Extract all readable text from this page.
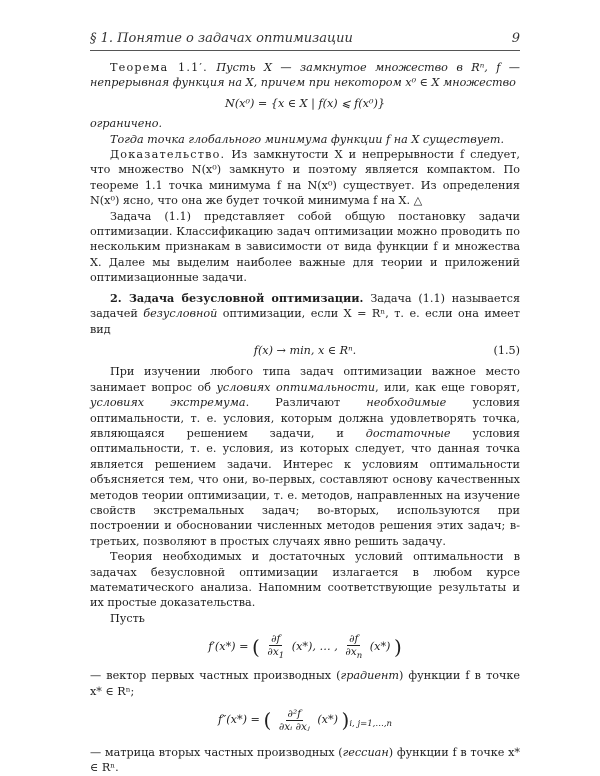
§ 1. Понятие о задачах оптимизации	9

Теорема 1.1′. Пусть X — замкнутое множество в Rⁿ, f — непрерывная функция на X, причем при некотором x⁰ ∈ X множество

N(x⁰) = {x ∈ X | f(x) ⩽ f(x⁰)}

ограничено.

Тогда точка глобального минимума функции f на X существует.

Доказательство. Из замкнутости X и непрерывности f следует, что множество N(x⁰) замкнуто и поэтому является компактом. По теореме 1.1 точка минимума f на N(x⁰) существует. Из определения N(x⁰) ясно, что она же будет точкой минимума f на X. △

Задача (1.1) представляет собой общую постановку задачи оптимизации. Классификацию задач оптимизации можно проводить по нескольким признакам в зависимости от вида функции f и множества X. Далее мы выделим наиболее важные для теории и приложений оптимизационные задачи.

2. Задача безусловной оптимизации. Задача (1.1) называется задачей безусловной оптимизации, если X = Rⁿ, т. е. если она имеет вид

f(x) → min, x ∈ Rⁿ.	(1.5)

При изучении любого типа задач оптимизации важное место занимает вопрос об условиях оптимальности, или, как еще говорят, условиях экстремума. Различают необходимые условия оптимальности, т. е. условия, которым должна удовлетворять точка, являющаяся решением задачи, и достаточные условия оптимальности, т. е. условия, из которых следует, что данная точка является решением задачи. Интерес к условиям оптимальности объясняется тем, что они, во-первых, составляют основу качественных методов теории оптимизации, т. е. методов, направленных на изучение свойств экстремальных задач; во-вторых, используются при построении и обосновании численных методов решения этих задач; в-третьих, позволяют в простых случаях явно решить задачу.

Теория необходимых и достаточных условий оптимальности в задачах безусловной оптимизации излагается в любом курсе математического анализа. Напомним соответствующие результаты и их простые доказательства.

Пусть

f′(x*) = ( $\frac{\partial f}{\partial x_1} (x*)$, … , $\frac{\partial f}{\partial x_n} (x*)$ )

— вектор первых частных производных (градиент) функции f в точке x* ∈ Rⁿ;

f″(x*) = ( $\frac{\text{∂²f}}{\text{∂xᵢ ∂xⱼ}} (x*)$ )$_{i, j=1,\dots,n}$

— матрица вторых частных производных (гессиан) функции f в точке x* ∈ Rⁿ.
